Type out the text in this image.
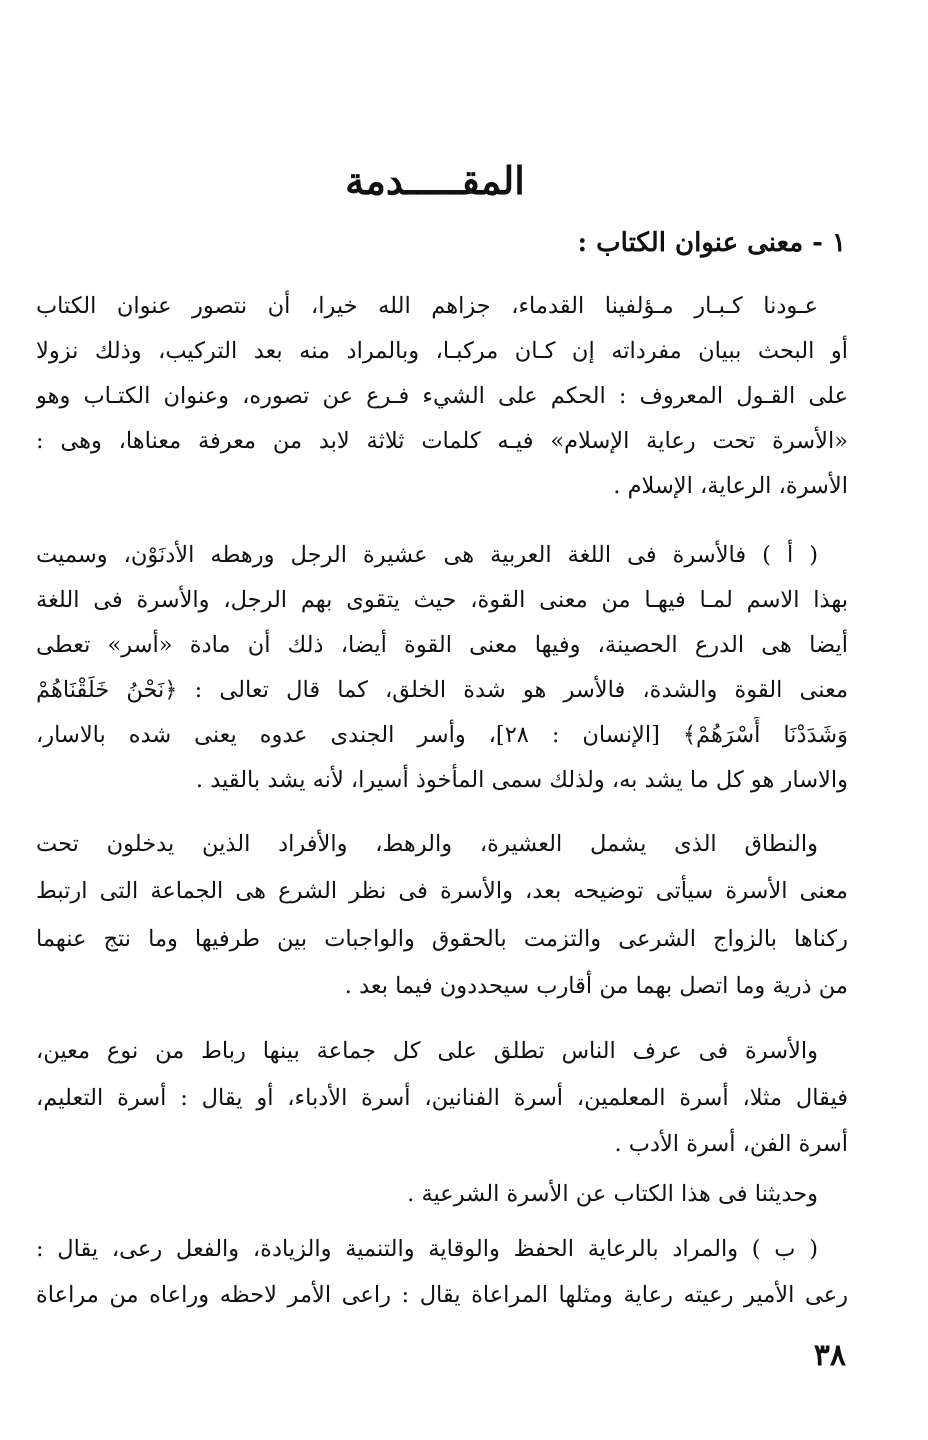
المقـــــدمة
١ - معنى عنوان الكتاب :
عـودنا كـبـار مـؤلفينا القدماء، جزاهم الله خيرا، أن نتصور عنوان الكتاب
أو البحث ببيان مفرداته إن كـان مركبـا، وبالمراد منه بعد التركيب، وذلك نزولا
على القـول المعروف : الحكم على الشيء فـرع عن تصوره، وعنوان الكتـاب وهو
«الأسرة تحت رعاية الإسلام» فيـه كلمات ثلاثة لابد من معرفة معناها، وهى :
الأسرة، الرعاية، الإسلام .
( أ ) فالأسرة فى اللغة العربية هى عشيرة الرجل ورهطه الأدنَوْن، وسميت
بهذا الاسم لمـا فيهـا من معنى القوة، حيث يتقوى بهم الرجل، والأسرة فى اللغة
أيضا هى الدرع الحصينة، وفيها معنى القوة أيضا، ذلك أن مادة «أسر» تعطى
معنى القوة والشدة، فالأسر هو شدة الخلق، كما قال تعالى : ﴿نَحْنُ خَلَقْنَاهُمْ
وَشَدَدْنَا أَسْرَهُمْ﴾ [الإنسان : ٢٨]، وأسر الجندى عدوه يعنى شده بالاسار،
والاسار هو كل ما يشد به، ولذلك سمى المأخوذ أسيرا، لأنه يشد بالقيد .
والنطاق الذى يشمل العشيرة، والرهط، والأفراد الذين يدخلون تحت
معنى الأسرة سيأتى توضيحه بعد، والأسرة فى نظر الشرع هى الجماعة التى ارتبط
ركناها بالزواج الشرعى والتزمت بالحقوق والواجبات بين طرفيها وما نتج عنهما
من ذرية وما اتصل بهما من أقارب سيحددون فيما بعد .
والأسرة فى عرف الناس تطلق على كل جماعة بينها رباط من نوع معين،
فيقال مثلا، أسرة المعلمين، أسرة الفنانين، أسرة الأدباء، أو يقال : أسرة التعليم،
أسرة الفن، أسرة الأدب .
وحديثنا فى هذا الكتاب عن الأسرة الشرعية .
( ب ) والمراد بالرعاية الحفظ والوقاية والتنمية والزيادة، والفعل رعى، يقال :
رعى الأمير رعيته رعاية ومثلها المراعاة يقال : راعى الأمر لاحظه وراعاه من مراعاة
٣٨
